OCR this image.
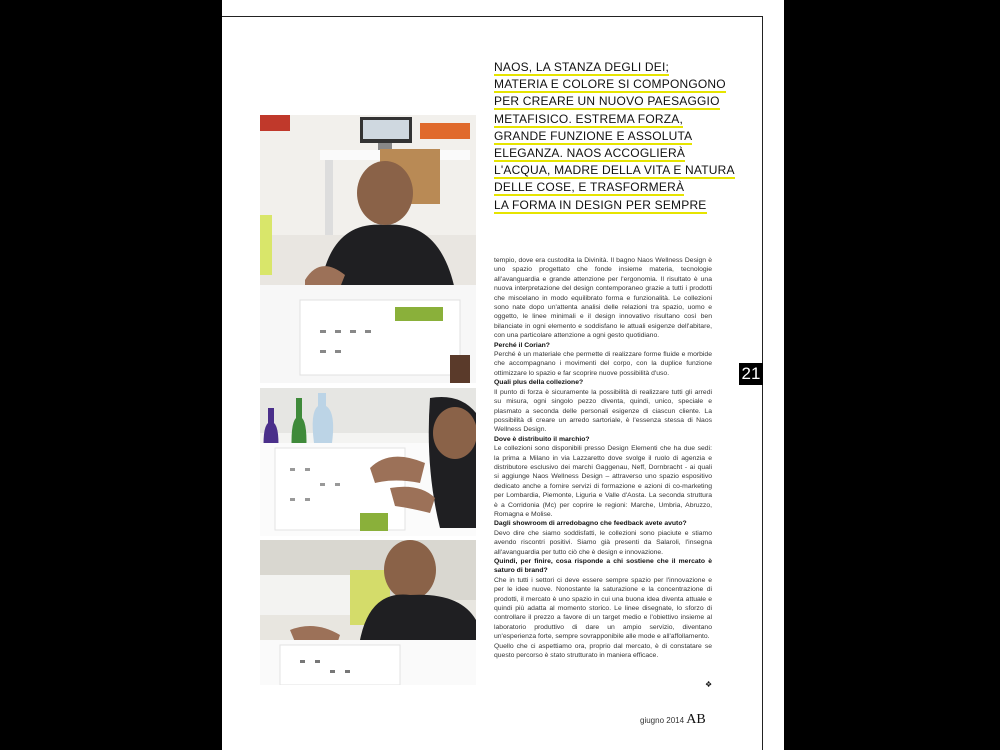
NAOS, LA STANZA DEGLI DEI;
MATERIA E COLORE SI COMPONGONO
PER CREARE UN NUOVO PAESAGGIO
METAFISICO. ESTREMA FORZA,
GRANDE FUNZIONE E ASSOLUTA
ELEGANZA. NAOS ACCOGLIERÀ
L'ACQUA, MADRE DELLA VITA E NATURA
DELLE COSE, E TRASFORMERÀ
LA FORMA IN DESIGN PER SEMPRE

tempio, dove era custodita la Divinità. Il bagno Naos Wellness Design è uno spazio progettato che fonde insieme materia, tecnologie all'avanguardia e grande attenzione per l'ergonomia. Il risultato è una nuova interpretazione del design contemporaneo grazie a tutti i prodotti che miscelano in modo equilibrato forma e funzionalità. Le collezioni sono nate dopo un'attenta analisi delle relazioni tra spazio, uomo e oggetto, le linee minimali e il design innovativo risultano così ben bilanciate in ogni elemento e soddisfano le attuali esigenze dell'abitare, con una particolare attenzione a ogni gesto quotidiano.

Perché il Corian?

Perché è un materiale che permette di realizzare forme fluide e morbide che accompagnano i movimenti del corpo, con la duplice funzione ottimizzare lo spazio e far scoprire nuove possibilità d'uso.

Quali plus della collezione?

Il punto di forza è sicuramente la possibilità di realizzare tutti gli arredi su misura, ogni singolo pezzo diventa, quindi, unico, speciale e plasmato a seconda delle personali esigenze di ciascun cliente. La possibilità di creare un arredo sartoriale, è l'essenza stessa di Naos Wellness Design.

Dove è distribuito il marchio?

Le collezioni sono disponibili presso Design Elementi che ha due sedi: la prima a Milano in via Lazzaretto dove svolge il ruolo di agenzia e distributore esclusivo dei marchi Gaggenau, Neff, Dornbracht - ai quali si aggiunge Naos Wellness Design – attraverso uno spazio espositivo dedicato anche a fornire servizi di formazione e azioni di co-marketing per Lombardia, Piemonte, Liguria e Valle d'Aosta. La seconda struttura è a Corridonia (Mc) per coprire le regioni: Marche, Umbria, Abruzzo, Romagna e Molise.

Dagli showroom di arredobagno che feedback avete avuto?

Devo dire che siamo soddisfatti, le collezioni sono piaciute e stiamo avendo riscontri positivi. Siamo già presenti da Salaroli, l'insegna all'avanguardia per tutto ciò che è design e innovazione.

Quindi, per finire, cosa risponde a chi sostiene che il mercato è saturo di brand?

Che in tutti i settori ci deve essere sempre spazio per l'innovazione e per le idee nuove. Nonostante la saturazione e la concentrazione di prodotti, il mercato è uno spazio in cui una buona idea diventa attuale e quindi più adatta al momento storico. Le linee disegnate, lo sforzo di controllare il prezzo a favore di un target medio e l'obiettivo insieme al laboratorio produttivo di dare un ampio servizio, diventano un'esperienza forte, sempre sovrapponibile alle mode e all'affollamento.

Quello che ci aspettiamo ora, proprio dal mercato, è di constatare se questo percorso è stato strutturato in maniera efficace.

21
❖
giugno 2014 AB
